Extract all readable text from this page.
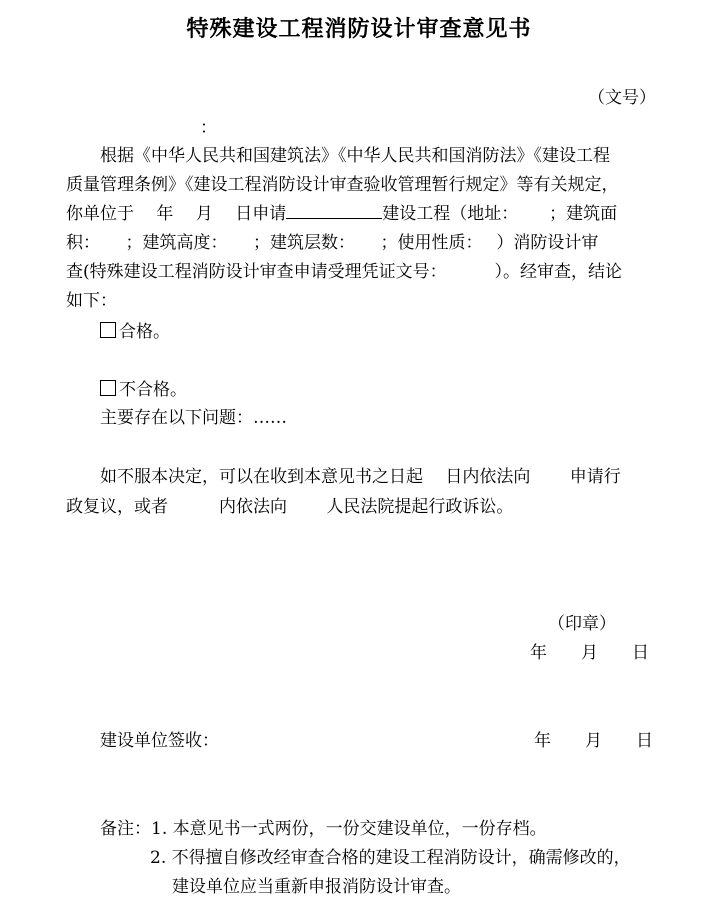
特殊建设工程消防设计审查意见书
（文号）
：
根据《中华人民共和国建筑法》《中华人民共和国消防法》《建设工程
质量管理条例》《建设工程消防设计审查验收管理暂行规定》等有关规定，
你单位于　 年　 月　 日申请	建设工程（地址：　　 ；建筑面
积：　　；建筑高度：　　；建筑层数：　　；使用性质：　 ）消防设计审
查(特殊建设工程消防设计审查申请受理凭证文号：　　　 ）。经审查，结论
如下：
合格。
不合格。
主要存在以下问题：……
如不服本决定，可以在收到本意见书之日起　 日内依法向　　 申请行
政复议，或者　　　内依法向　　 人民法院提起行政诉讼。
（印章）
年　　月　　日
建设单位签收：	年　　月　　日
备注：1. 本意见书一式两份，一份交建设单位，一份存档。
2. 不得擅自修改经审查合格的建设工程消防设计，确需修改的，
建设单位应当重新申报消防设计审查。
